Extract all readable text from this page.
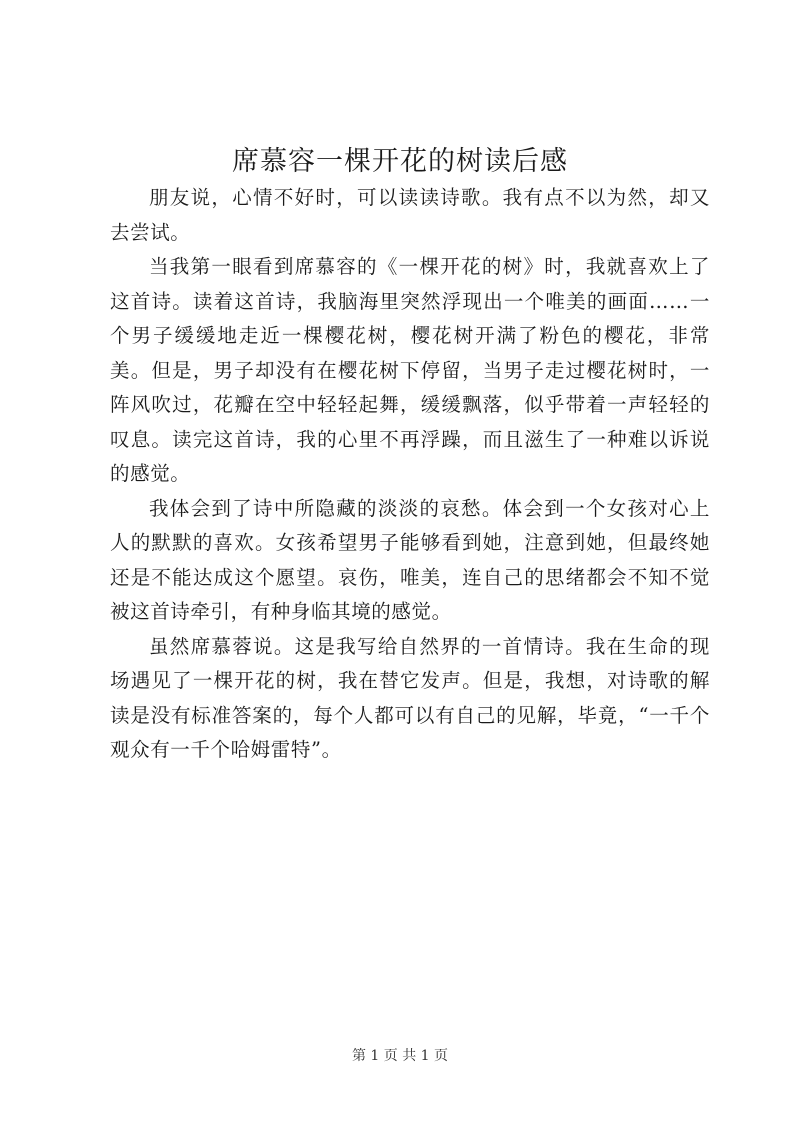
席慕容一棵开花的树读后感

朋友说，心情不好时，可以读读诗歌。我有点不以为然，却又去尝试。

当我第一眼看到席慕容的《一棵开花的树》时，我就喜欢上了这首诗。读着这首诗，我脑海里突然浮现出一个唯美的画面……一个男子缓缓地走近一棵樱花树，樱花树开满了粉色的樱花，非常美。但是，男子却没有在樱花树下停留，当男子走过樱花树时，一阵风吹过，花瓣在空中轻轻起舞，缓缓飘落，似乎带着一声轻轻的叹息。读完这首诗，我的心里不再浮躁，而且滋生了一种难以诉说的感觉。

我体会到了诗中所隐藏的淡淡的哀愁。体会到一个女孩对心上人的默默的喜欢。女孩希望男子能够看到她，注意到她，但最终她还是不能达成这个愿望。哀伤，唯美，连自己的思绪都会不知不觉被这首诗牵引，有种身临其境的感觉。

虽然席慕蓉说。这是我写给自然界的一首情诗。我在生命的现场遇见了一棵开花的树，我在替它发声。但是，我想，对诗歌的解读是没有标准答案的，每个人都可以有自己的见解，毕竟，“一千个观众有一千个哈姆雷特”。

第 1 页 共 1 页
